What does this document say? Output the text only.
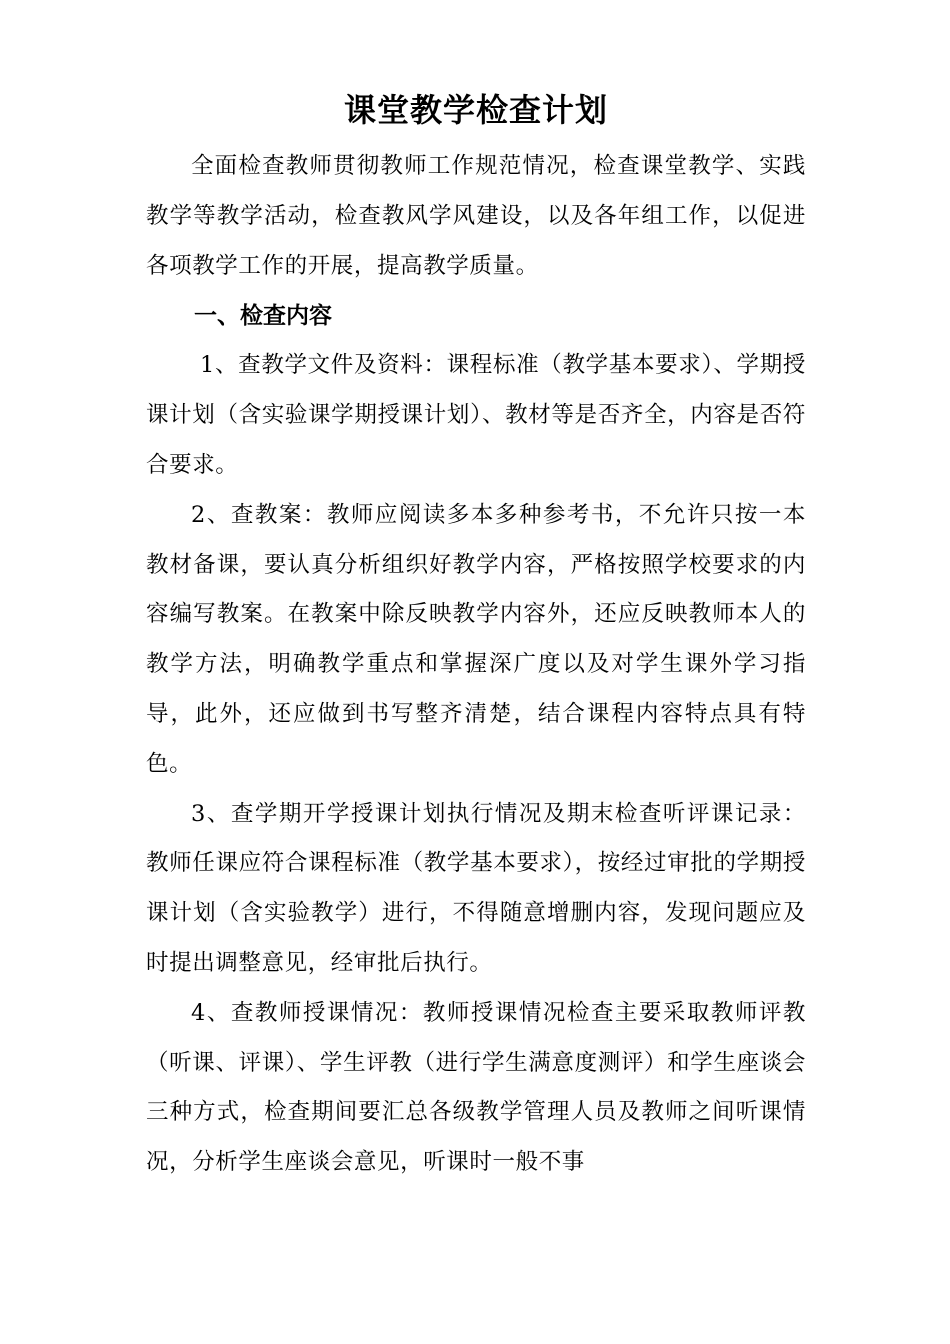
课堂教学检查计划

全面检查教师贯彻教师工作规范情况，检查课堂教学、实践教学等教学活动，检查教风学风建设，以及各年组工作，以促进各项教学工作的开展，提高教学质量。

一、检查内容

1、查教学文件及资料：课程标准（教学基本要求）、学期授课计划（含实验课学期授课计划）、教材等是否齐全，内容是否符合要求。

2、查教案：教师应阅读多本多种参考书，不允许只按一本教材备课，要认真分析组织好教学内容，严格按照学校要求的内容编写教案。在教案中除反映教学内容外，还应反映教师本人的教学方法，明确教学重点和掌握深广度以及对学生课外学习指导，此外，还应做到书写整齐清楚，结合课程内容特点具有特色。

3、查学期开学授课计划执行情况及期末检查听评课记录：教师任课应符合课程标准（教学基本要求），按经过审批的学期授课计划（含实验教学）进行，不得随意增删内容，发现问题应及时提出调整意见，经审批后执行。

4、查教师授课情况：教师授课情况检查主要采取教师评教（听课、评课）、学生评教（进行学生满意度测评）和学生座谈会三种方式，检查期间要汇总各级教学管理人员及教师之间听课情况，分析学生座谈会意见，听课时一般不事
